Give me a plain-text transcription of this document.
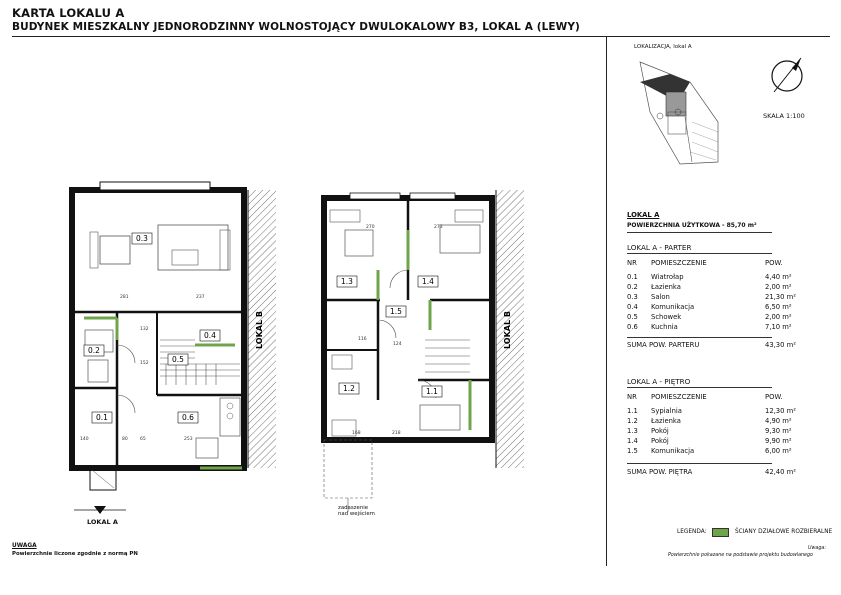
KARTA LOKALU A
BUDYNEK MIESZKALNY JEDNORODZINNY WOLNOSTOJĄCY DWULOKALOWY B3, LOKAL A (LEWY)
0.3
0.2
0.4
0.5
0.1	0.6
281	237
132
152
80	65	253
140
LOKAL B
1.3	1.4
1.5
1.2	1.1
270	273
116
124
168	218
LOKAL B
LOKAL A
zadaszenie nad wejściem
LOKALIZACJA, lokal A
SKALA 1:100
LOKAL A
POWIERZCHNIA UŻYTKOWA - 85,70 m²
LOKAL A - PARTER
NR POMIESZCZENIE	POW.
0.1 Wiatrołap	4,40 m²
0.2 Łazienka	2,00 m²
0.3 Salon	21,30 m²
0.4 Komunikacja	6,50 m²
0.5 Schowek	2,00 m²
0.6 Kuchnia	7,10 m²
SUMA POW. PARTERU	43,30 m²
LOKAL A - PIĘTRO
NR POMIESZCZENIE	POW.
1.1 Sypialnia	12,30 m²
1.2 Łazienka	4,90 m²
1.3 Pokój	9,30 m²
1.4 Pokój	9,90 m²
1.5 Komunikacja	6,00 m²
SUMA POW. PIĘTRA	42,40 m²
LEGENDA:	ŚCIANY DZIAŁOWE ROZBIERALNE
UWAGA
Powierzchnie liczone zgodnie z normą PN
Uwaga:
Powierzchnie pokazane na podstawie projektu budowlanego
